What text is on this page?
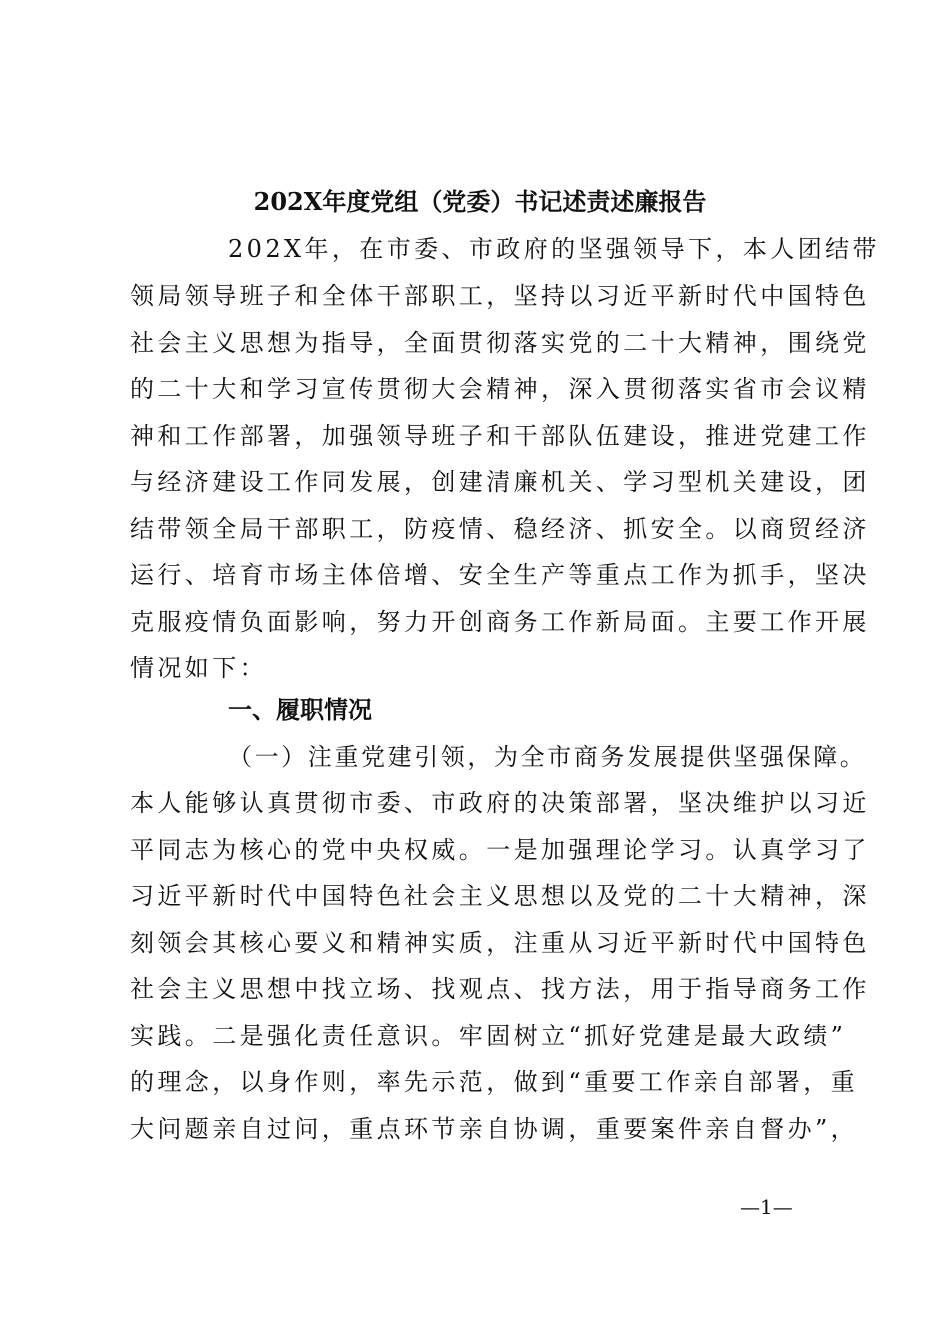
202X年度党组（党委）书记述责述廉报告
202X年，在市委、市政府的坚强领导下，本人团结带
领局领导班子和全体干部职工，坚持以习近平新时代中国特色
社会主义思想为指导，全面贯彻落实党的二十大精神，围绕党
的二十大和学习宣传贯彻大会精神，深入贯彻落实省市会议精
神和工作部署，加强领导班子和干部队伍建设，推进党建工作
与经济建设工作同发展，创建清廉机关、学习型机关建设，团
结带领全局干部职工，防疫情、稳经济、抓安全。以商贸经济
运行、培育市场主体倍增、安全生产等重点工作为抓手，坚决
克服疫情负面影响，努力开创商务工作新局面。主要工作开展
情况如下：
一、履职情况
（一）注重党建引领，为全市商务发展提供坚强保障。
本人能够认真贯彻市委、市政府的决策部署，坚决维护以习近
平同志为核心的党中央权威。一是加强理论学习。认真学习了
习近平新时代中国特色社会主义思想以及党的二十大精神，深
刻领会其核心要义和精神实质，注重从习近平新时代中国特色
社会主义思想中找立场、找观点、找方法，用于指导商务工作
实践。二是强化责任意识。牢固树立“抓好党建是最大政绩”
的理念，以身作则，率先示范，做到“重要工作亲自部署，重
大问题亲自过问，重点环节亲自协调，重要案件亲自督办”，
—1—
